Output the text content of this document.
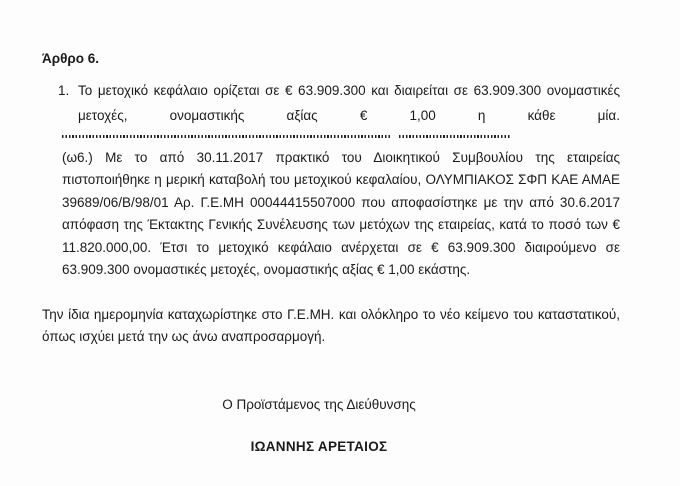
Άρθρο 6.
1. Το μετοχικό κεφάλαιο ορίζεται σε € 63.909.300 και διαιρείται σε 63.909.300 ονομαστικές
μετοχές, ονομαστικής αξίας € 1,00 η κάθε μία.

(ω6.) Με το από 30.11.2017 πρακτικό του Διοικητικού Συμβουλίου της εταιρείας πιστοποιήθηκε η μερική καταβολή του μετοχικού κεφαλαίου, ΟΛΥΜΠΙΑΚΟΣ ΣΦΠ ΚΑΕ ΑΜΑΕ 39689/06/Β/98/01 Αρ. Γ.Ε.ΜΗ 00044415507000 που αποφασίστηκε με την από 30.6.2017 απόφαση της Έκτακτης Γενικής Συνέλευσης των μετόχων της εταιρείας, κατά το ποσό των € 11.820.000,00. Έτσι το μετοχικό κεφάλαιο ανέρχεται σε € 63.909.300 διαιρούμενο σε 63.909.300 ονομαστικές μετοχές, ονομαστικής αξίας € 1,00 εκάστης.

Την ίδια ημερομηνία καταχωρίστηκε στο Γ.Ε.ΜΗ. και ολόκληρο το νέο κείμενο του καταστατικού, όπως ισχύει μετά την ως άνω αναπροσαρμογή.

Ο Προϊστάμενος της Διεύθυνσης
ΙΩΑΝΝΗΣ ΑΡΕΤΑΙΟΣ
